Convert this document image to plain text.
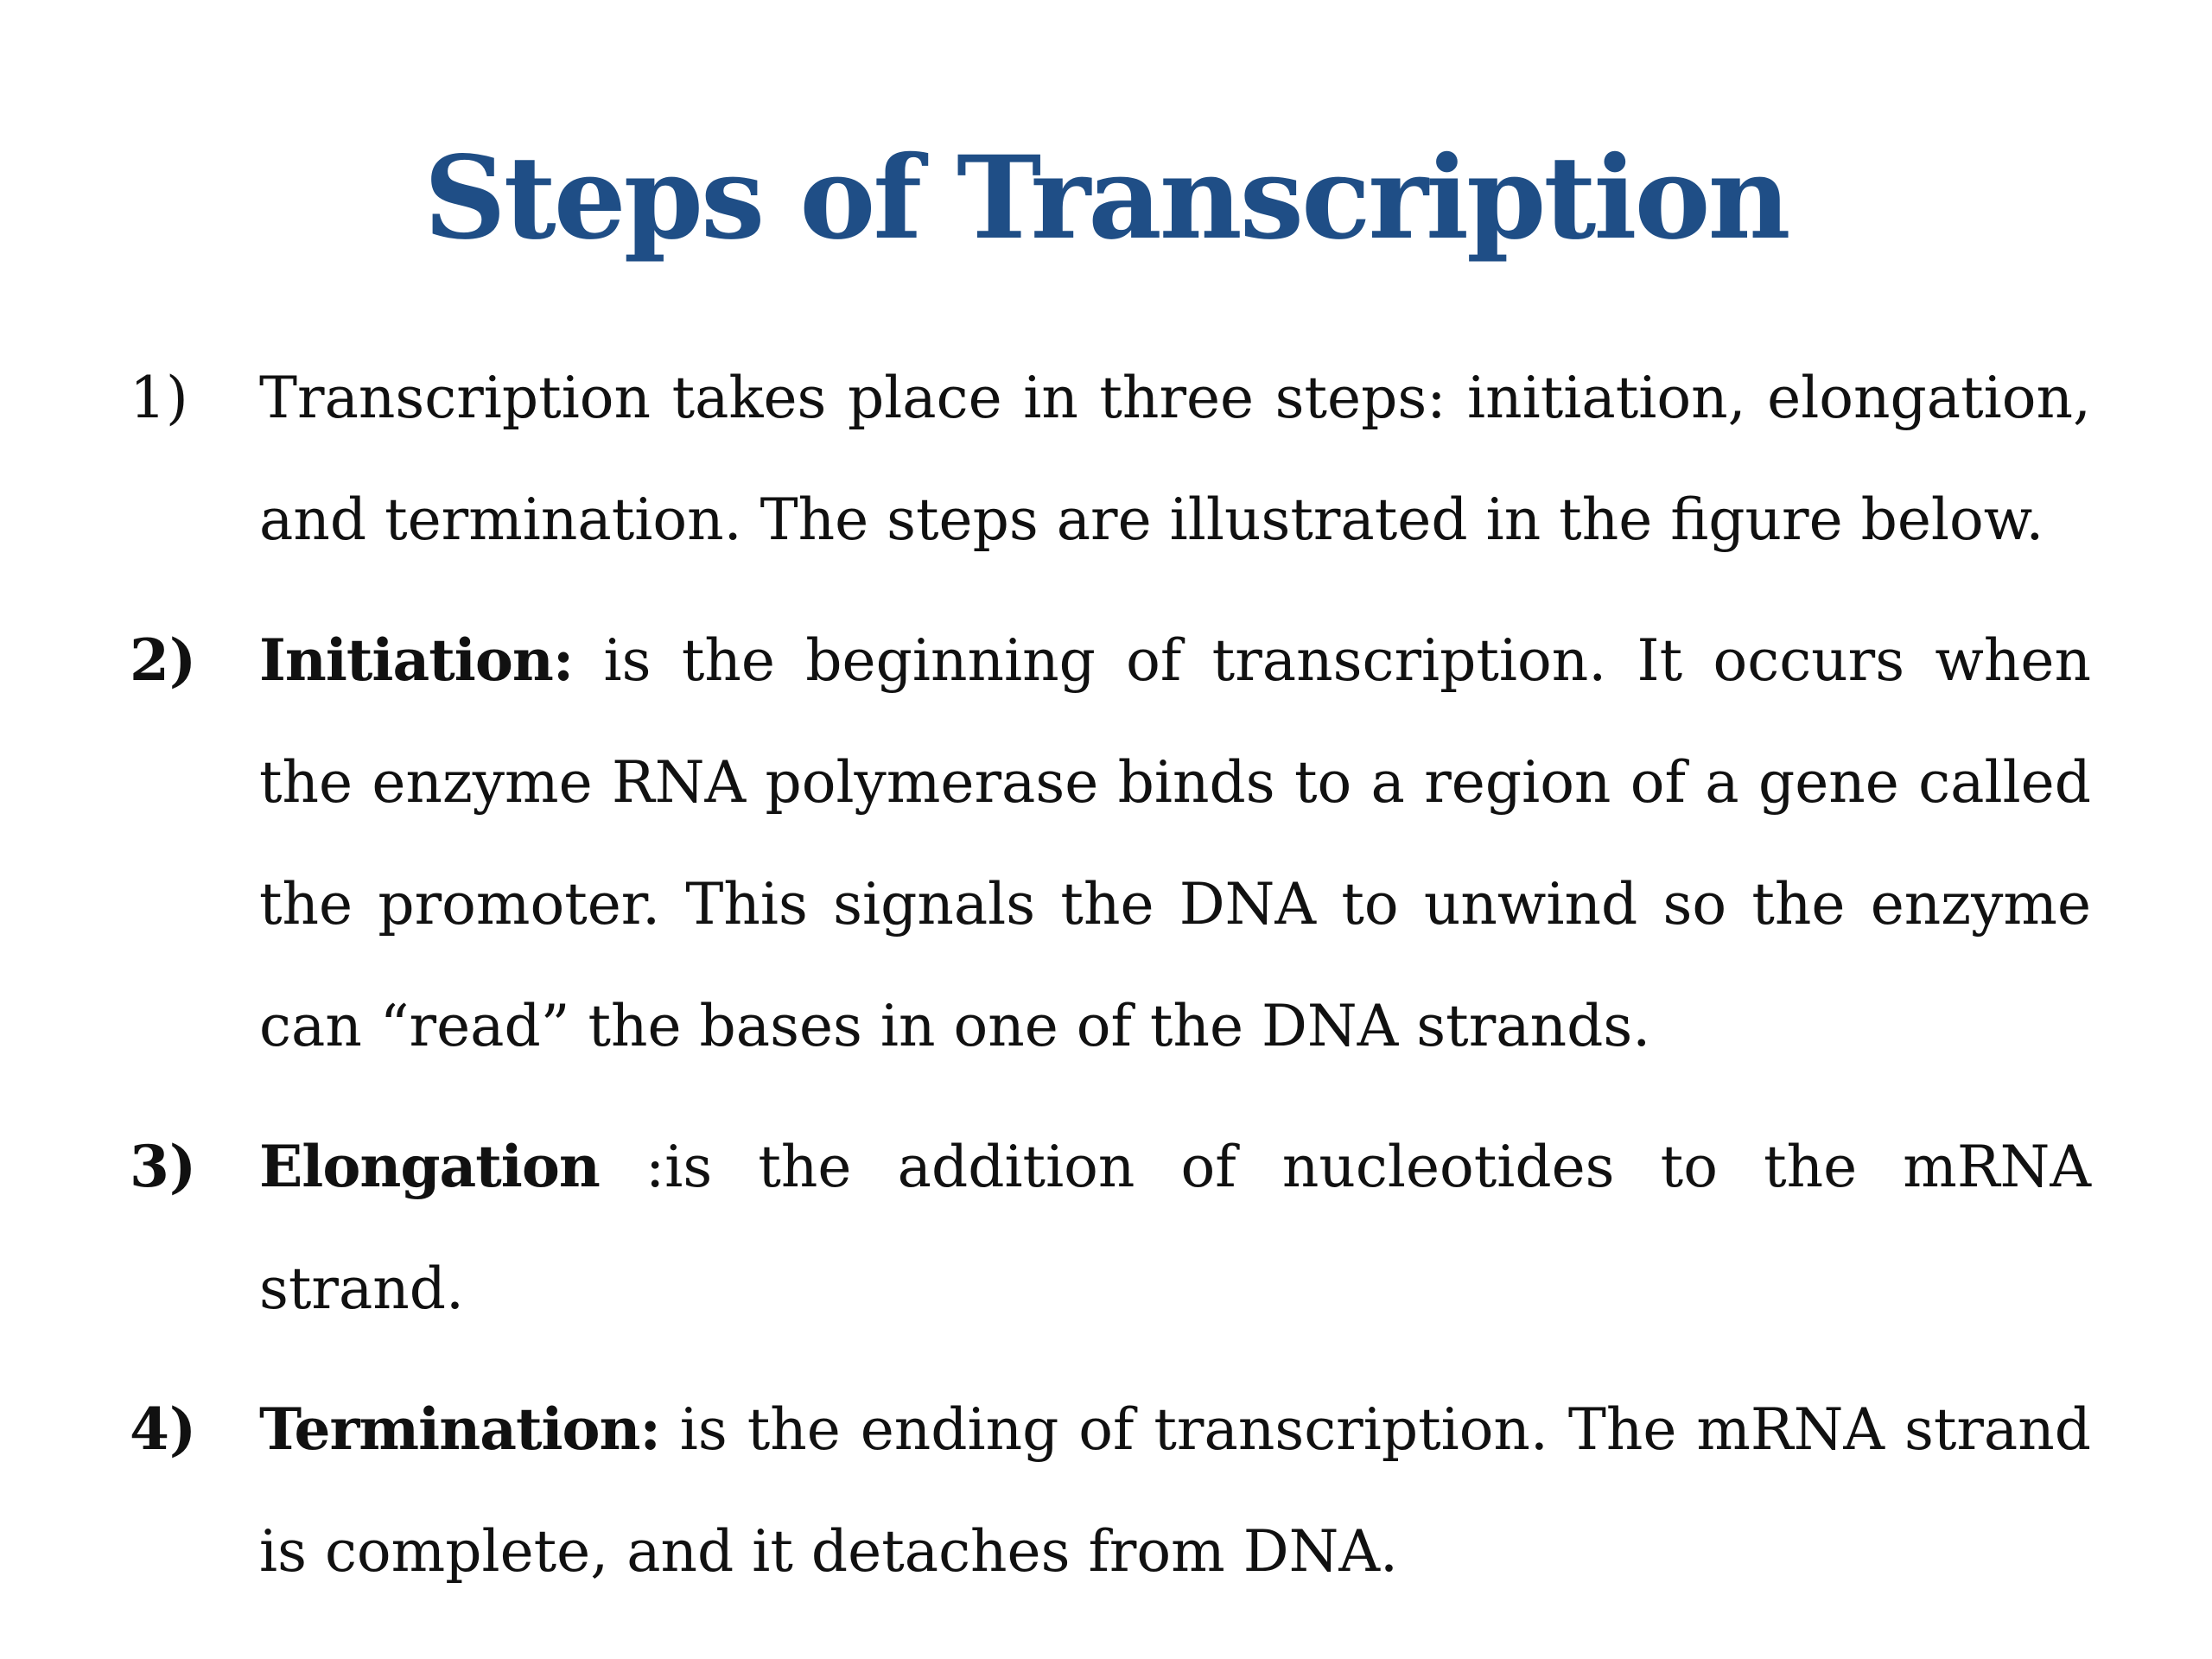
Steps of Transcription
1)	Transcription takes place in three steps: initiation, elongation, and termination. The steps are illustrated in the figure below.
2)	Initiation: is the beginning of transcription. It occurs when the enzyme RNA polymerase binds to a region of a gene called the promoter. This signals the DNA to unwind so the enzyme can “read” the bases in one of the DNA strands.
3)	Elongation :is the addition of nucleotides to the mRNA strand.
4)	Termination: is the ending of transcription. The mRNA strand is complete, and it detaches from DNA.
